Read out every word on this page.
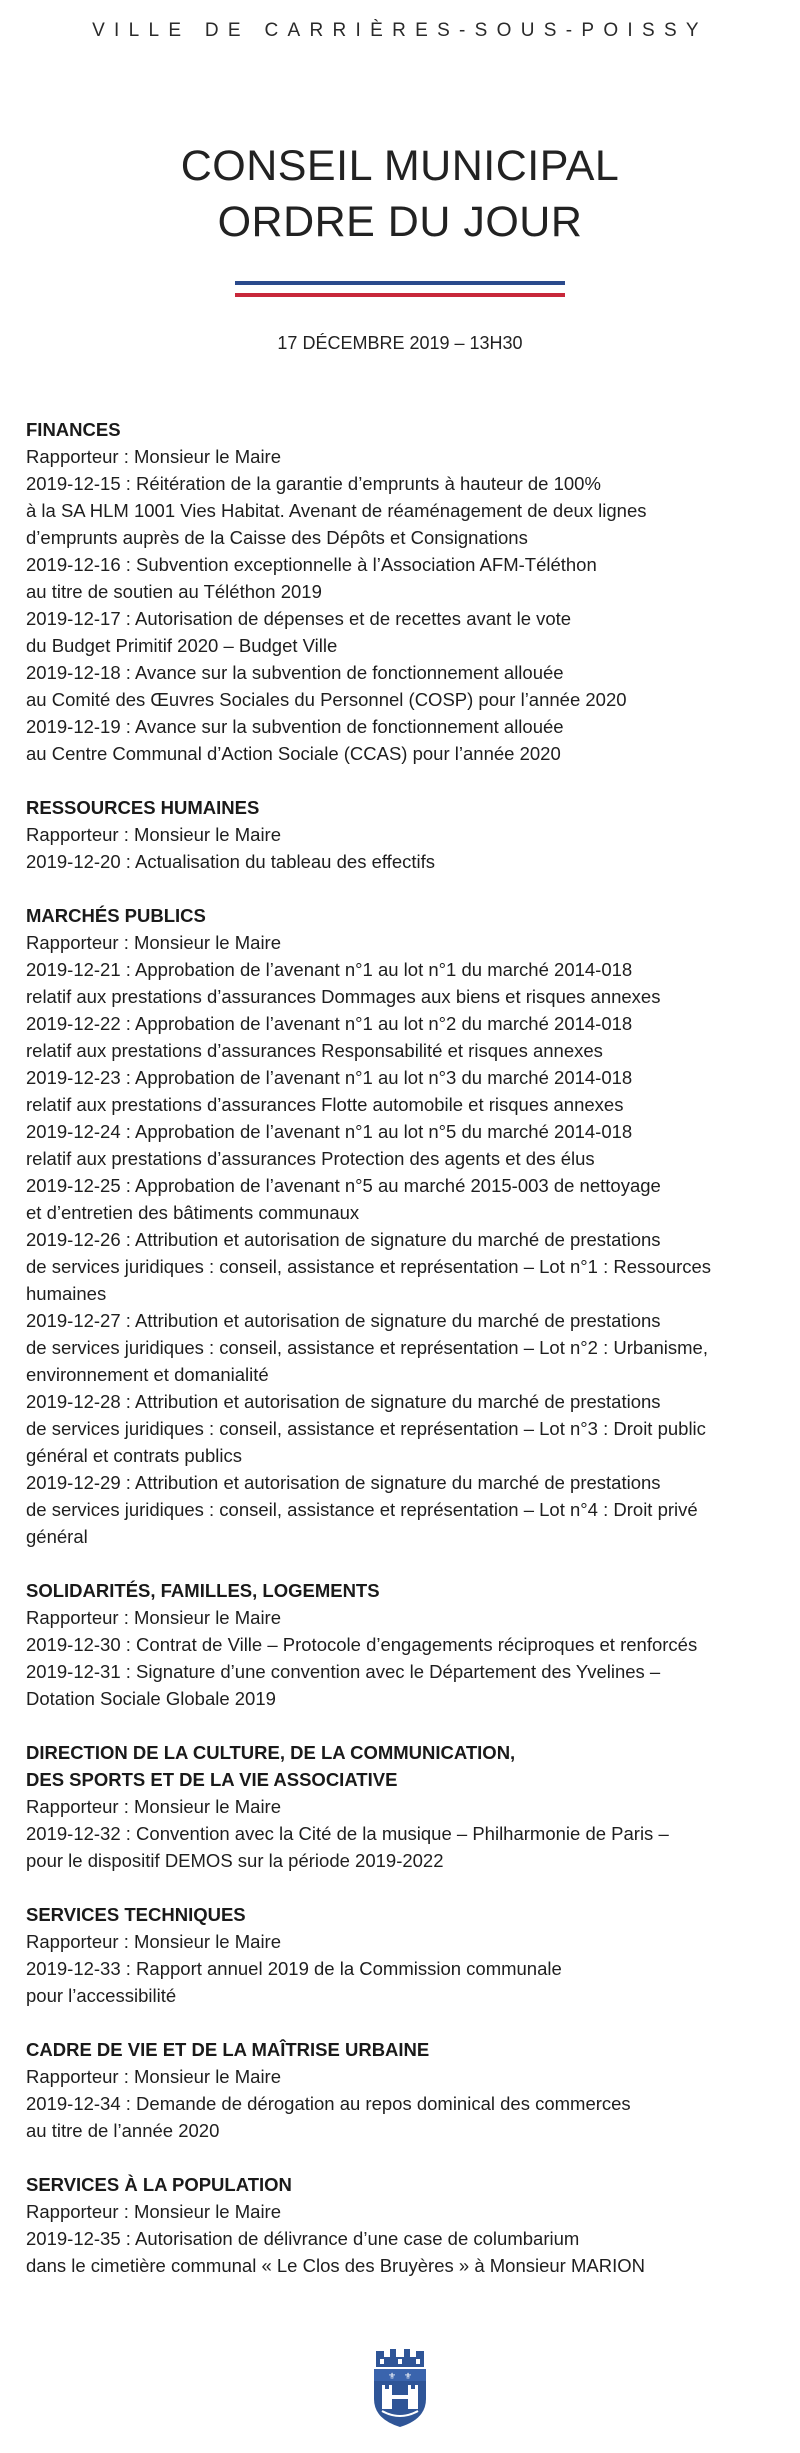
VILLE DE CARRIÈRES-SOUS-POISSY
CONSEIL MUNICIPAL
ORDRE DU JOUR
17 DÉCEMBRE 2019 – 13H30
FINANCES
Rapporteur : Monsieur le Maire
2019-12-15 : Réitération de la garantie d’emprunts à hauteur de 100%
à la SA HLM 1001 Vies Habitat. Avenant de réaménagement de deux lignes
d’emprunts auprès de la Caisse des Dépôts et Consignations
2019-12-16 : Subvention exceptionnelle à l’Association AFM-Téléthon
au titre de soutien au Téléthon 2019
2019-12-17 : Autorisation de dépenses et de recettes avant le vote
du Budget Primitif 2020 – Budget Ville
2019-12-18 : Avance sur la subvention de fonctionnement allouée
au Comité des Œuvres Sociales du Personnel (COSP) pour l’année 2020
2019-12-19 : Avance sur la subvention de fonctionnement allouée
au Centre Communal d’Action Sociale (CCAS) pour l’année 2020
RESSOURCES HUMAINES
Rapporteur : Monsieur le Maire
2019-12-20 : Actualisation du tableau des effectifs
MARCHÉS PUBLICS
Rapporteur : Monsieur le Maire
2019-12-21 : Approbation de l’avenant n°1 au lot n°1 du marché 2014-018
relatif aux prestations d’assurances Dommages aux biens et risques annexes
2019-12-22 : Approbation de l’avenant n°1 au lot n°2 du marché 2014-018
relatif aux prestations d’assurances Responsabilité et risques annexes
2019-12-23 : Approbation de l’avenant n°1 au lot n°3 du marché 2014-018
relatif aux prestations d’assurances Flotte automobile et risques annexes
2019-12-24 : Approbation de l’avenant n°1 au lot n°5 du marché 2014-018
relatif aux prestations d’assurances Protection des agents et des élus
2019-12-25 : Approbation de l’avenant n°5 au marché 2015-003 de nettoyage
et d’entretien des bâtiments communaux
2019-12-26 : Attribution et autorisation de signature du marché de prestations
de services juridiques : conseil, assistance et représentation – Lot n°1 : Ressources
humaines
2019-12-27 : Attribution et autorisation de signature du marché de prestations
de services juridiques : conseil, assistance et représentation – Lot n°2 : Urbanisme,
environnement et domanialité
2019-12-28 : Attribution et autorisation de signature du marché de prestations
de services juridiques : conseil, assistance et représentation – Lot n°3 : Droit public
général et contrats publics
2019-12-29 : Attribution et autorisation de signature du marché de prestations
de services juridiques : conseil, assistance et représentation – Lot n°4 : Droit privé
général
SOLIDARITÉS, FAMILLES, LOGEMENTS
Rapporteur : Monsieur le Maire
2019-12-30 : Contrat de Ville – Protocole d’engagements réciproques et renforcés
2019-12-31 : Signature d’une convention avec le Département des Yvelines –
Dotation Sociale Globale 2019
DIRECTION DE LA CULTURE, DE LA COMMUNICATION,
DES SPORTS ET DE LA VIE ASSOCIATIVE
Rapporteur : Monsieur le Maire
2019-12-32 : Convention avec la Cité de la musique – Philharmonie de Paris –
pour le dispositif DEMOS sur la période 2019-2022
SERVICES TECHNIQUES
Rapporteur : Monsieur le Maire
2019-12-33 : Rapport annuel 2019 de la Commission communale
pour l’accessibilité
CADRE DE VIE ET DE LA MAÎTRISE URBAINE
Rapporteur : Monsieur le Maire
2019-12-34 : Demande de dérogation au repos dominical des commerces
au titre de l’année 2020
SERVICES À LA POPULATION
Rapporteur : Monsieur le Maire
2019-12-35 : Autorisation de délivrance d’une case de columbarium
dans le cimetière communal « Le Clos des Bruyères » à Monsieur MARION
⚜ ⚜
